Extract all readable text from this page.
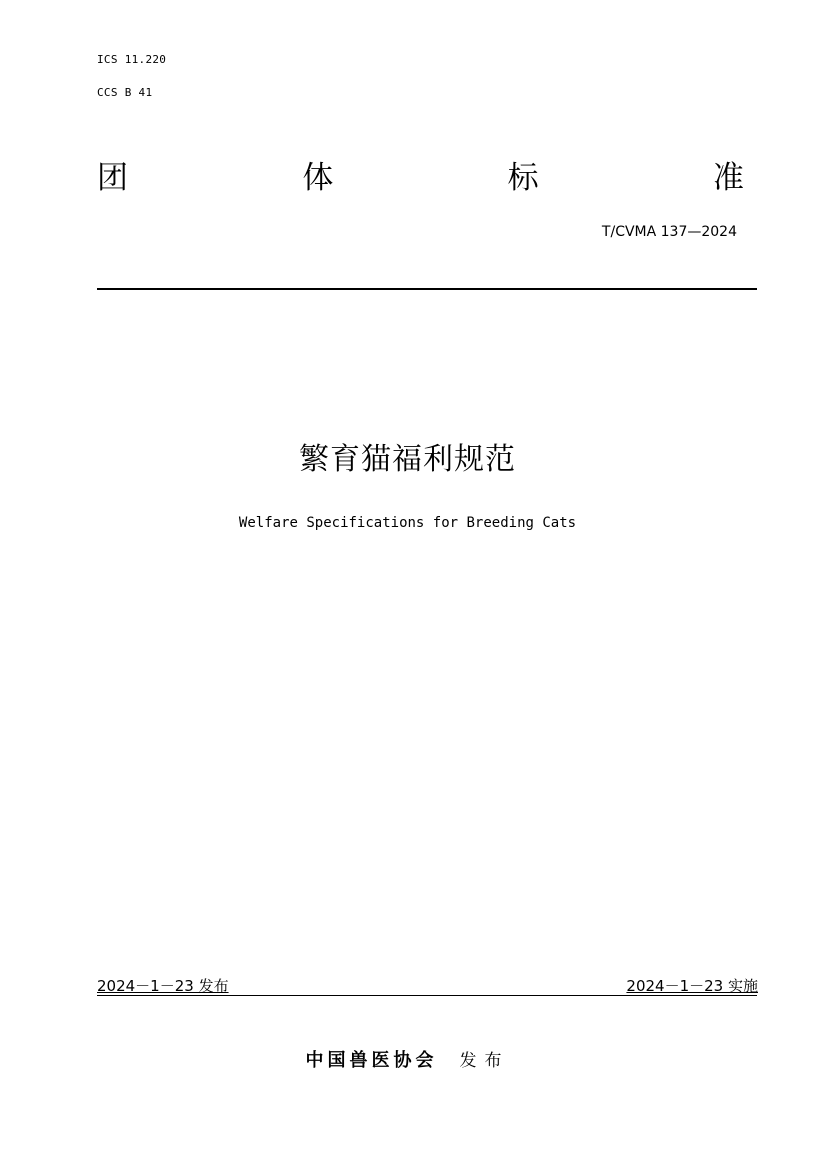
ICS 11.220
CCS B 41
团	体	标	准
T/CVMA 137—2024
繁育猫福利规范
Welfare Specifications for Breeding Cats
2024－1－23 发布	2024－1－23 实施
中国兽医协会 发布
